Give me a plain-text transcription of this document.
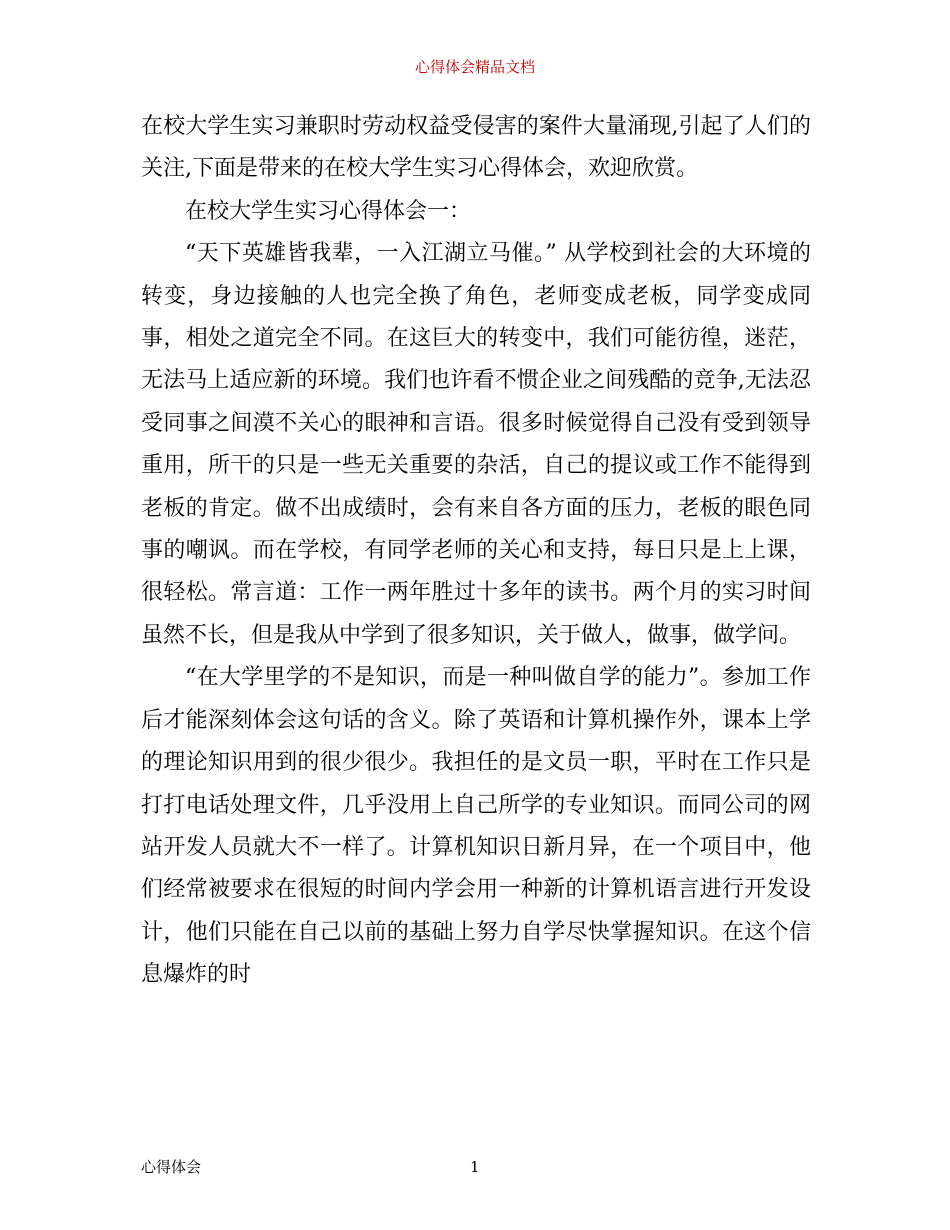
心得体会精品文档

在校大学生实习兼职时劳动权益受侵害的案件大量涌现,引起了人们的关注,下面是带来的在校大学生实习心得体会，欢迎欣赏。

在校大学生实习心得体会一：

“天下英雄皆我辈，一入江湖立马催。” 从学校到社会的大环境的转变，身边接触的人也完全换了角色，老师变成老板，同学变成同事，相处之道完全不同。在这巨大的转变中，我们可能彷徨，迷茫，无法马上适应新的环境。我们也许看不惯企业之间残酷的竞争,无法忍受同事之间漠不关心的眼神和言语。很多时候觉得自己没有受到领导重用，所干的只是一些无关重要的杂活，自己的提议或工作不能得到老板的肯定。做不出成绩时，会有来自各方面的压力，老板的眼色同事的嘲讽。而在学校，有同学老师的关心和支持，每日只是上上课，很轻松。常言道：工作一两年胜过十多年的读书。两个月的实习时间虽然不长，但是我从中学到了很多知识，关于做人，做事，做学问。

“在大学里学的不是知识，而是一种叫做自学的能力”。参加工作后才能深刻体会这句话的含义。除了英语和计算机操作外，课本上学的理论知识用到的很少很少。我担任的是文员一职，平时在工作只是打打电话处理文件，几乎没用上自己所学的专业知识。而同公司的网站开发人员就大不一样了。计算机知识日新月异，在一个项目中，他们经常被要求在很短的时间内学会用一种新的计算机语言进行开发设计，他们只能在自己以前的基础上努力自学尽快掌握知识。在这个信息爆炸的时

心得体会	1
